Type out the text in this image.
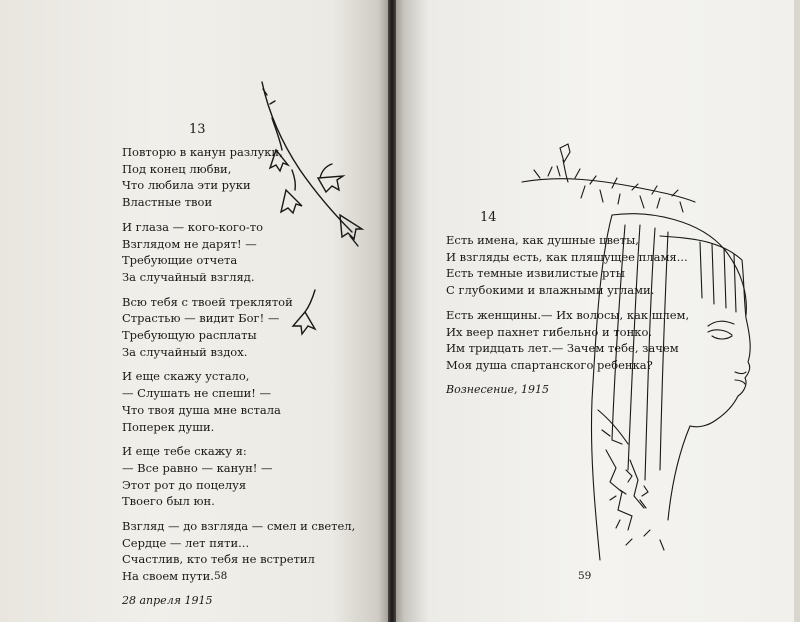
13
Повторю в канун разлуки,
Под конец любви,
Что любила эти руки
Властные твои
И глаза — кого-кого-то
Взглядом не дарят! —
Требующие отчета
За случайный взгляд.
Всю тебя с твоей треклятой
Страстью — видит Бог! —
Требующую расплаты
За случайный вздох.
И еще скажу устало,
— Слушать не спеши! —
Что твоя душа мне встала
Поперек души.
И еще тебе скажу я:
— Все равно — канун! —
Этот рот до поцелуя
Твоего был юн.
Взгляд — до взгляда — смел и светел,
Сердце — лет пяти...
Счастлив, кто тебя не встретил
На своем пути.
28 апреля 1915
58	59
14
Есть имена, как душные цветы,
И взгляды есть, как пляшущее пламя...
Есть темные извилистые рты
С глубокими и влажными углами.
Есть женщины.— Их волосы, как шлем,
Их веер пахнет гибельно и тонко.
Им тридцать лет.— Зачем тебе, зачем
Моя душа спартанского ребенка?
Вознесение, 1915
